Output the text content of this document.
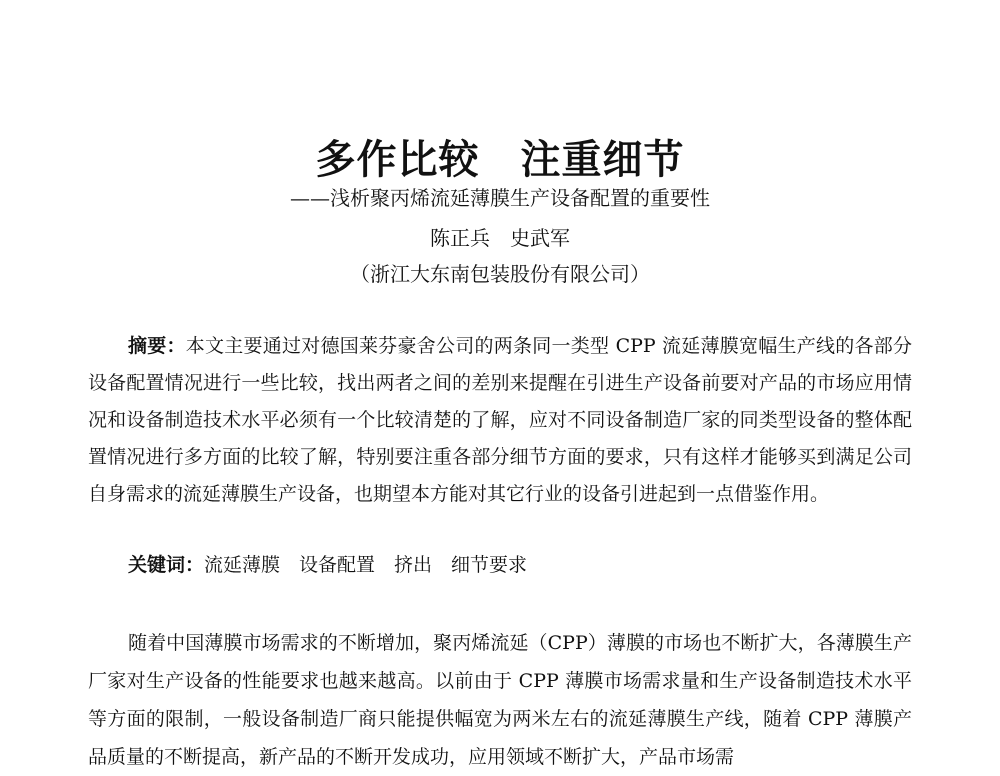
多作比较　注重细节
——浅析聚丙烯流延薄膜生产设备配置的重要性
陈正兵　史武军
（浙江大东南包装股份有限公司）

摘要：本文主要通过对德国莱芬豪舍公司的两条同一类型 CPP 流延薄膜宽幅生产线的各部分设备配置情况进行一些比较，找出两者之间的差别来提醒在引进生产设备前要对产品的市场应用情况和设备制造技术水平必须有一个比较清楚的了解，应对不同设备制造厂家的同类型设备的整体配置情况进行多方面的比较了解，特别要注重各部分细节方面的要求，只有这样才能够买到满足公司自身需求的流延薄膜生产设备，也期望本方能对其它行业的设备引进起到一点借鉴作用。

关键词：流延薄膜　设备配置　挤出　细节要求

随着中国薄膜市场需求的不断增加，聚丙烯流延（CPP）薄膜的市场也不断扩大，各薄膜生产厂家对生产设备的性能要求也越来越高。以前由于 CPP 薄膜市场需求量和生产设备制造技术水平等方面的限制，一般设备制造厂商只能提供幅宽为两米左右的流延薄膜生产线，随着 CPP 薄膜产品质量的不断提高，新产品的不断开发成功，应用领域不断扩大，产品市场需
